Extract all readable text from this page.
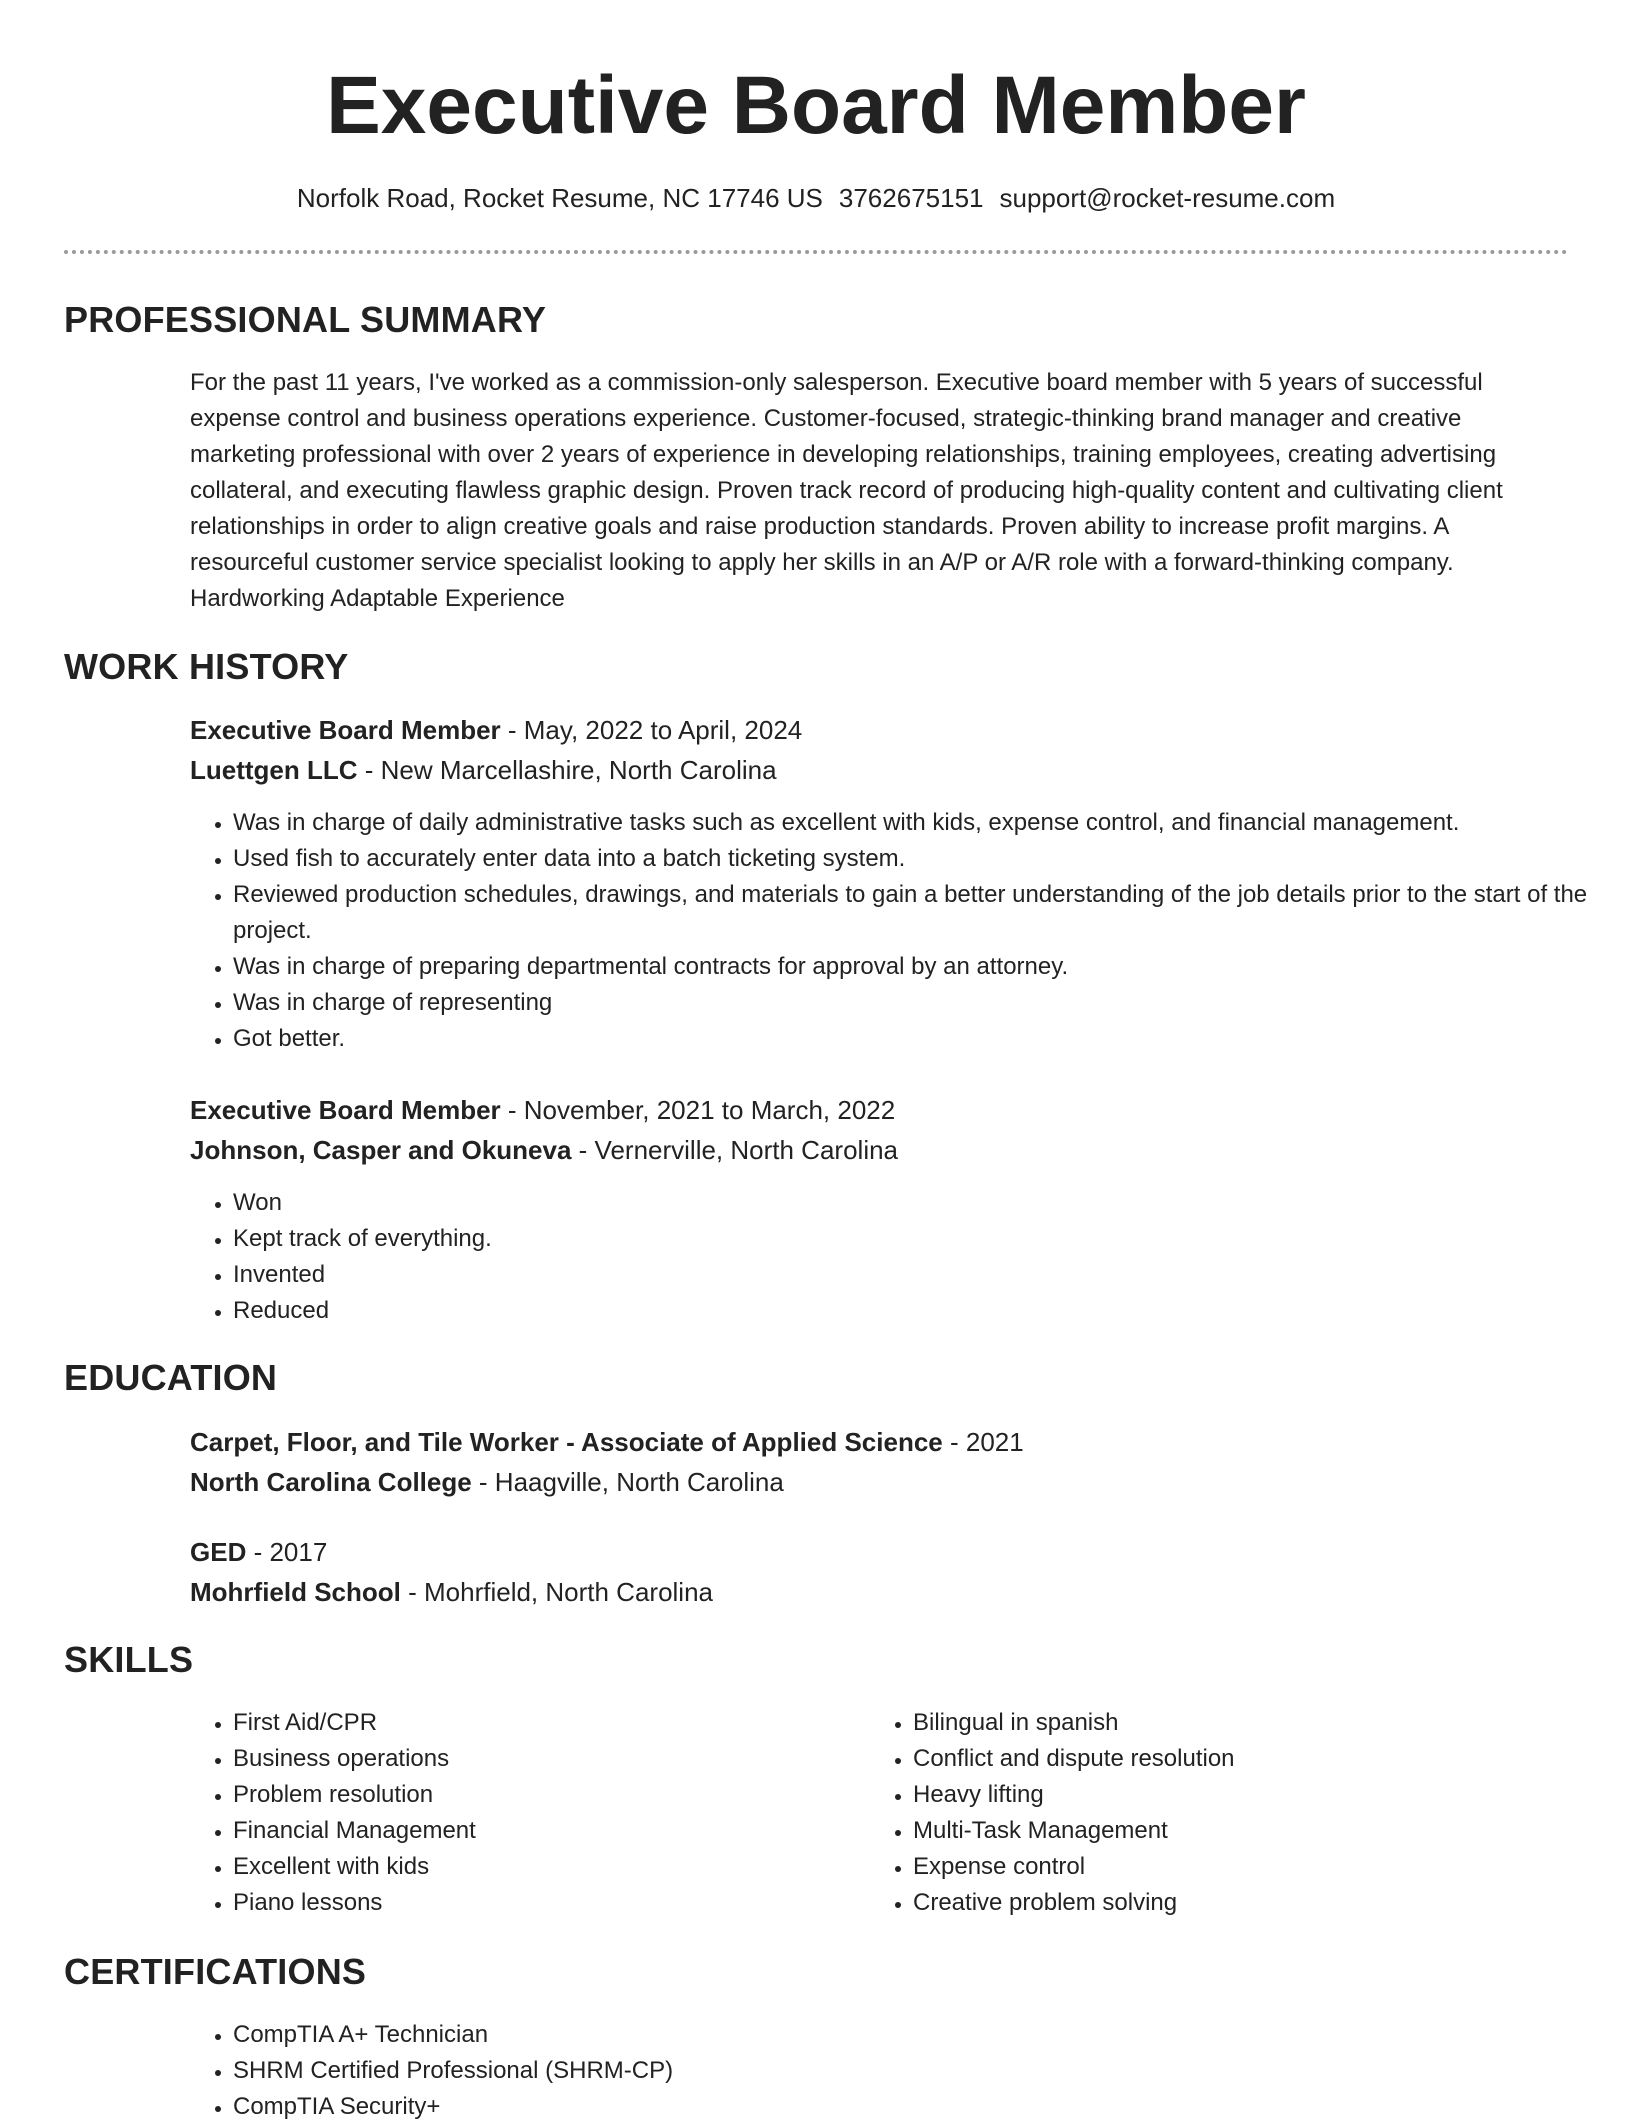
Executive Board Member
Norfolk Road, Rocket Resume, NC 17746 US 3762675151 support@rocket-resume.com
PROFESSIONAL SUMMARY

For the past 11 years, I've worked as a commission-only salesperson. Executive board member with 5 years of successful expense control and business operations experience. Customer-focused, strategic-thinking brand manager and creative marketing professional with over 2 years of experience in developing relationships, training employees, creating advertising collateral, and executing flawless graphic design. Proven track record of producing high-quality content and cultivating client relationships in order to align creative goals and raise production standards. Proven ability to increase profit margins. A resourceful customer service specialist looking to apply her skills in an A/P or A/R role with a forward-thinking company. Hardworking Adaptable Experience

WORK HISTORY
Executive Board Member - May, 2022 to April, 2024
Luettgen LLC - New Marcellashire, North Carolina
• Was in charge of daily administrative tasks such as excellent with kids, expense control, and financial management.
• Used fish to accurately enter data into a batch ticketing system.
• Reviewed production schedules, drawings, and materials to gain a better understanding of the job details prior to the start of the project.
• Was in charge of preparing departmental contracts for approval by an attorney.
• Was in charge of representing
• Got better.
Executive Board Member - November, 2021 to March, 2022
Johnson, Casper and Okuneva - Vernerville, North Carolina
• Won
• Kept track of everything.
• Invented
• Reduced
EDUCATION
Carpet, Floor, and Tile Worker - Associate of Applied Science - 2021
North Carolina College - Haagville, North Carolina
GED - 2017
Mohrfield School - Mohrfield, North Carolina
SKILLS
• First Aid/CPR
• Business operations
• Problem resolution
• Financial Management
• Excellent with kids
• Piano lessons
• Bilingual in spanish
• Conflict and dispute resolution
• Heavy lifting
• Multi-Task Management
• Expense control
• Creative problem solving
CERTIFICATIONS
• CompTIA A+ Technician
• SHRM Certified Professional (SHRM-CP)
• CompTIA Security+
